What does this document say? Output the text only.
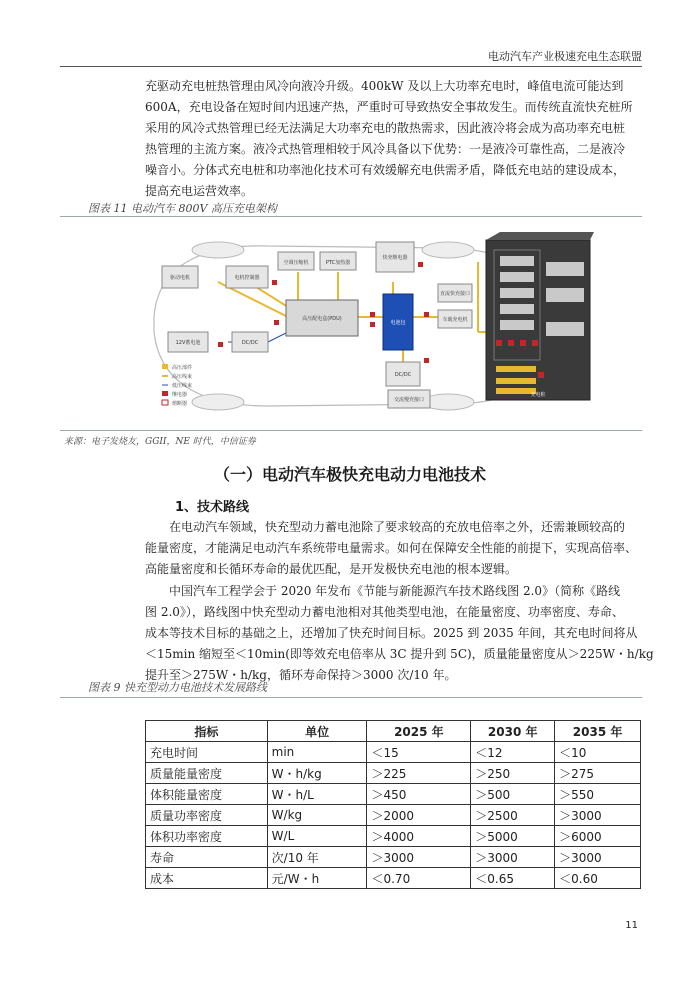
电动汽车产业极速充电生态联盟
充驱动充电桩热管理由风冷向液冷升级。400kW 及以上大功率充电时，峰值电流可能达到
600A，充电设备在短时间内迅速产热，严重时可导致热安全事故发生。而传统直流快充桩所
采用的风冷式热管理已经无法满足大功率充电的散热需求，因此液冷将会成为高功率充电桩
热管理的主流方案。液冷式热管理相较于风冷具备以下优势：一是液冷可靠性高，二是液冷
噪音小。分体式充电桩和功率池化技术可有效缓解充电供需矛盾，降低充电站的建设成本，
提高充电运营效率。
图表 11 电动汽车 800V 高压充电架构
驱动电机	电机控制器
空调压缩机	PTC加热器
高压配电盒(PDU)
电池包
快充继电器
直流快充接口
车载充电机
DC/DC
交流慢充接口
12V蓄电池	DC/DC
高压部件
高压线束
低压线束
继电器
熔断器
充电桩
来源：电子发烧友，GGII，NE 时代，中信证券
（一）电动汽车极快充电动力电池技术
1、技术路线
在电动汽车领域，快充型动力蓄电池除了要求较高的充放电倍率之外，还需兼顾较高的
能量密度，才能满足电动汽车系统带电量需求。如何在保障安全性能的前提下，实现高倍率、
高能量密度和长循环寿命的最优匹配，是开发极快充电池的根本逻辑。
中国汽车工程学会于 2020 年发布《节能与新能源汽车技术路线图 2.0》（简称《路线
图 2.0》），路线图中快充型动力蓄电池相对其他类型电池，在能量密度、功率密度、寿命、
成本等技术目标的基础之上，还增加了快充时间目标。2025 到 2035 年间，其充电时间将从
＜15min 缩短至＜10min(即等效充电倍率从 3C 提升到 5C)，质量能量密度从＞225W・h/kg
提升至＞275W・h/kg，循环寿命保持＞3000 次/10 年。
图表 9 快充型动力电池技术发展路线
指标	单位	2025 年	2030 年	2035 年
充电时间	min	＜15	＜12	＜10
质量能量密度	W・h/kg	＞225	＞250	＞275
体积能量密度	W・h/L	＞450	＞500	＞550
质量功率密度	W/kg	＞2000	＞2500	＞3000
体积功率密度	W/L	＞4000	＞5000	＞6000
寿命	次/10 年	＞3000	＞3000	＞3000
成本	元/W・h	＜0.70	＜0.65	＜0.60
11
